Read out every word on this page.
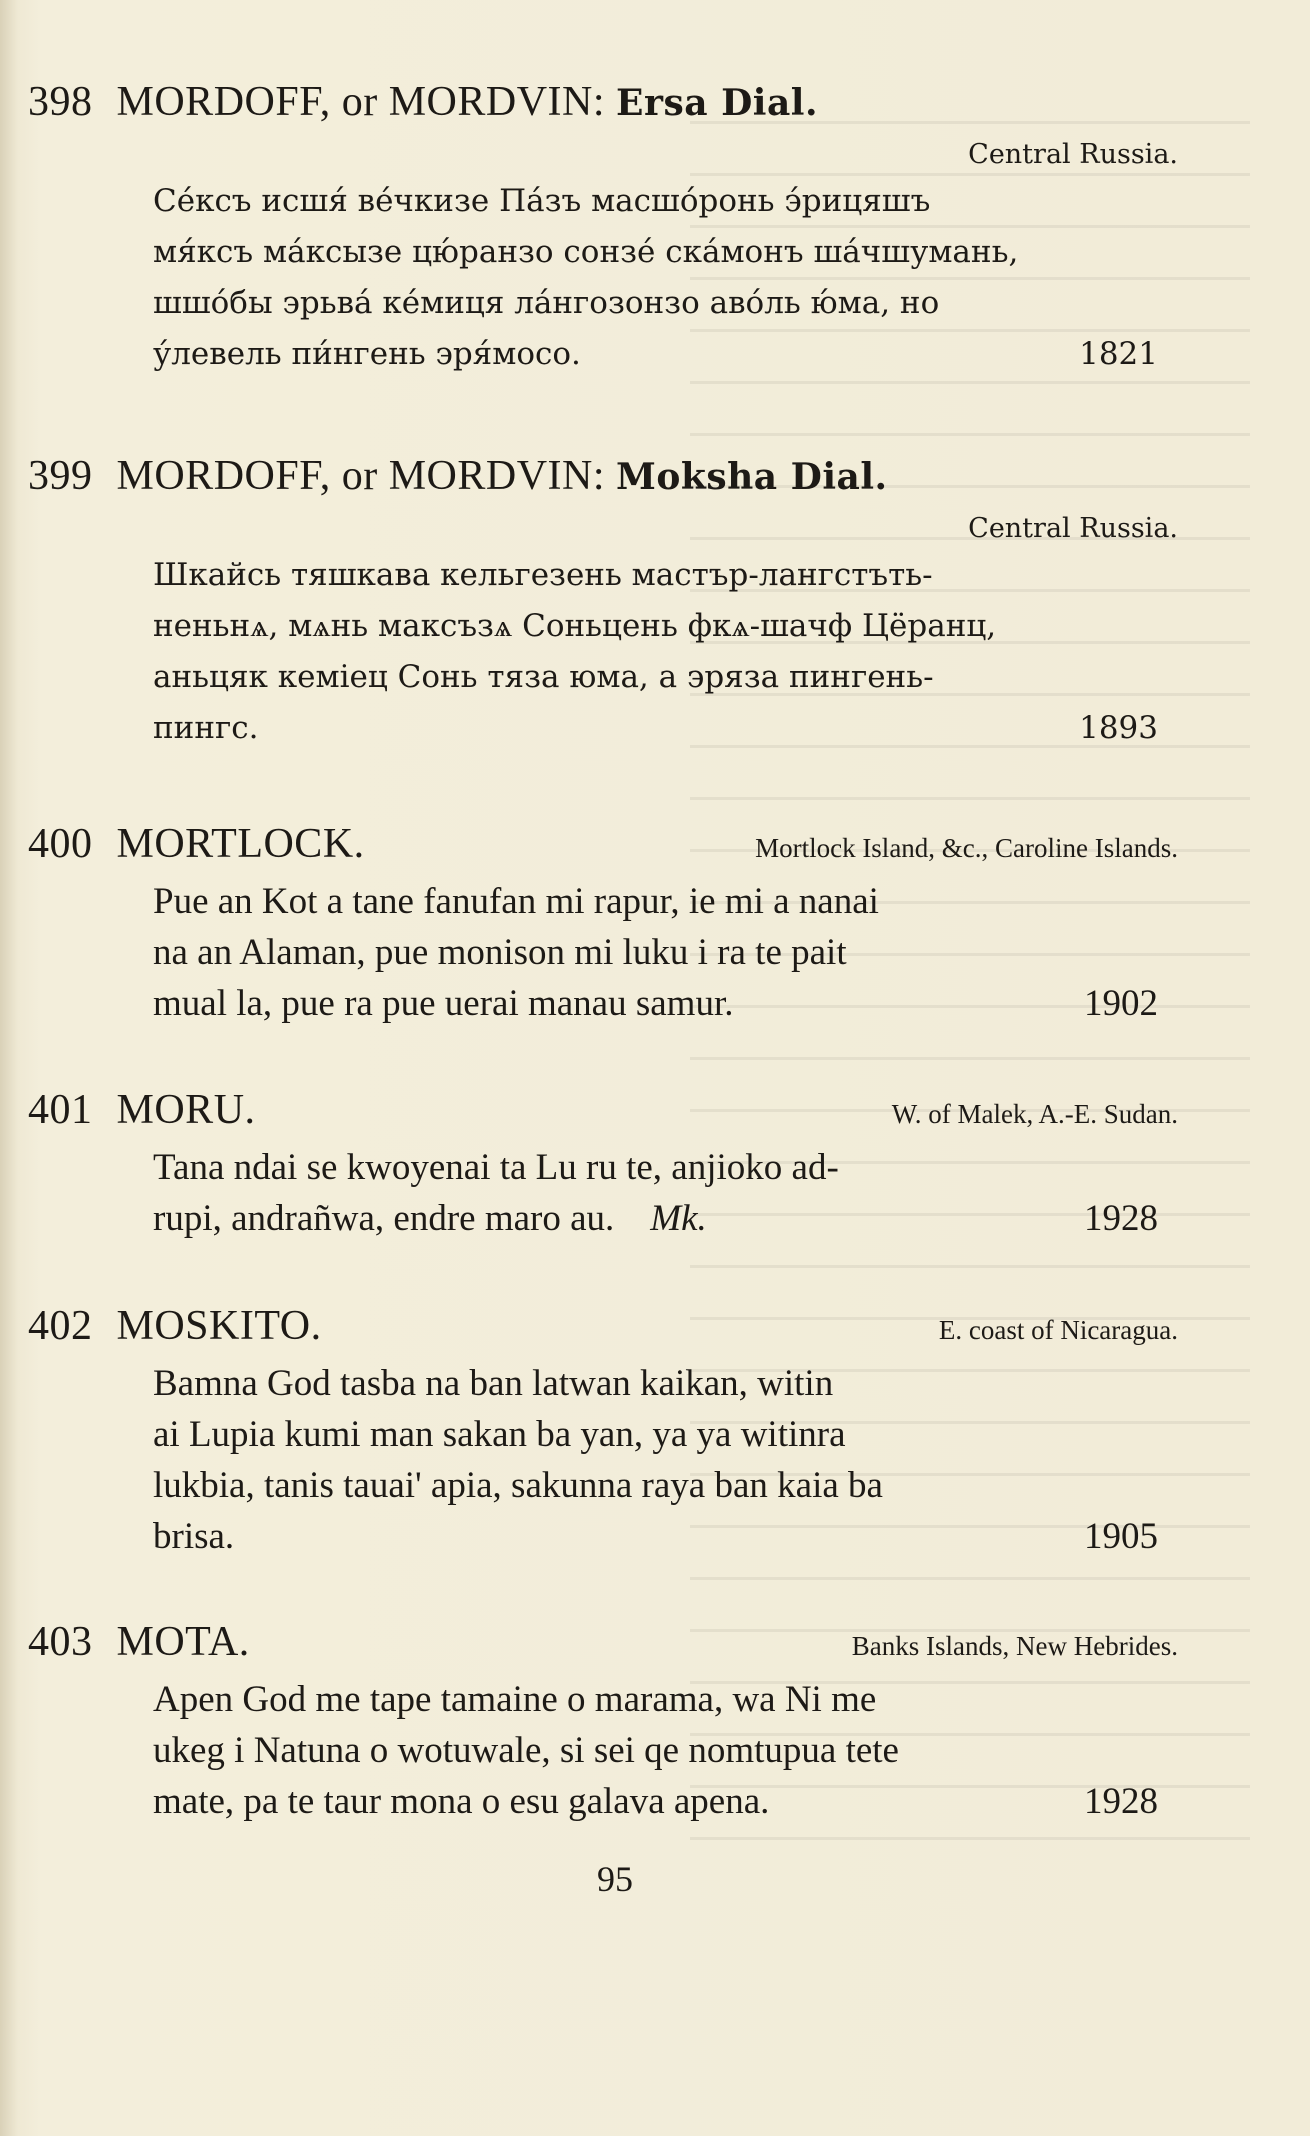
398 MORDOFF, or MORDVIN: Ersa Dial.
Central Russia.
Сéксъ исшя́ вéчкизе Пáзъ масшóронь э́рицяшъ
мя́ксъ мáксызе цю́ранзо сонзé скáмонъ шáчшумань,
шшóбы эрьвá кéмиця лáнгозонзо авóль ю́ма, но
у́левель пи́нгень эря́мосо.	1821
399 MORDOFF, or MORDVIN: Moksha Dial.
Central Russia.
Шкайсь тяшкава кельгезень мастър-лангстъть-
неньнѧ, мѧнь максъзѧ Соньцень фкѧ-шачф Цёранц,
аньцяк кемiец Сонь тяза юма, а эряза пингень-
пингс.	1893
400 MORTLOCK.	Mortlock Island, &c., Caroline Islands.
Pue an Kot a tane fanufan mi rapur, ie mi a nanai
na an Alaman, pue monison mi luku i ra te pait
mual la, pue ra pue uerai manau samur.	1902
401 MORU.	W. of Malek, A.-E. Sudan.
Tana ndai se kwoyenai ta Lu ru te, anjioko ad-
rupi, andrañwa, endre maro au. Mk.	1928
402 MOSKITO.	E. coast of Nicaragua.
Bamna God tasba na ban latwan kaikan, witin
ai Lupia kumi man sakan ba yan, ya ya witinra
lukbia, tanis tauai' apia, sakunna raya ban kaia ba
brisa.	1905
403 MOTA.	Banks Islands, New Hebrides.
Apen God me tape tamaine o marama, wa Ni me
ukeg i Natuna o wotuwale, si sei qe nomtupua tete
mate, pa te taur mona o esu galava apena.	1928
95
